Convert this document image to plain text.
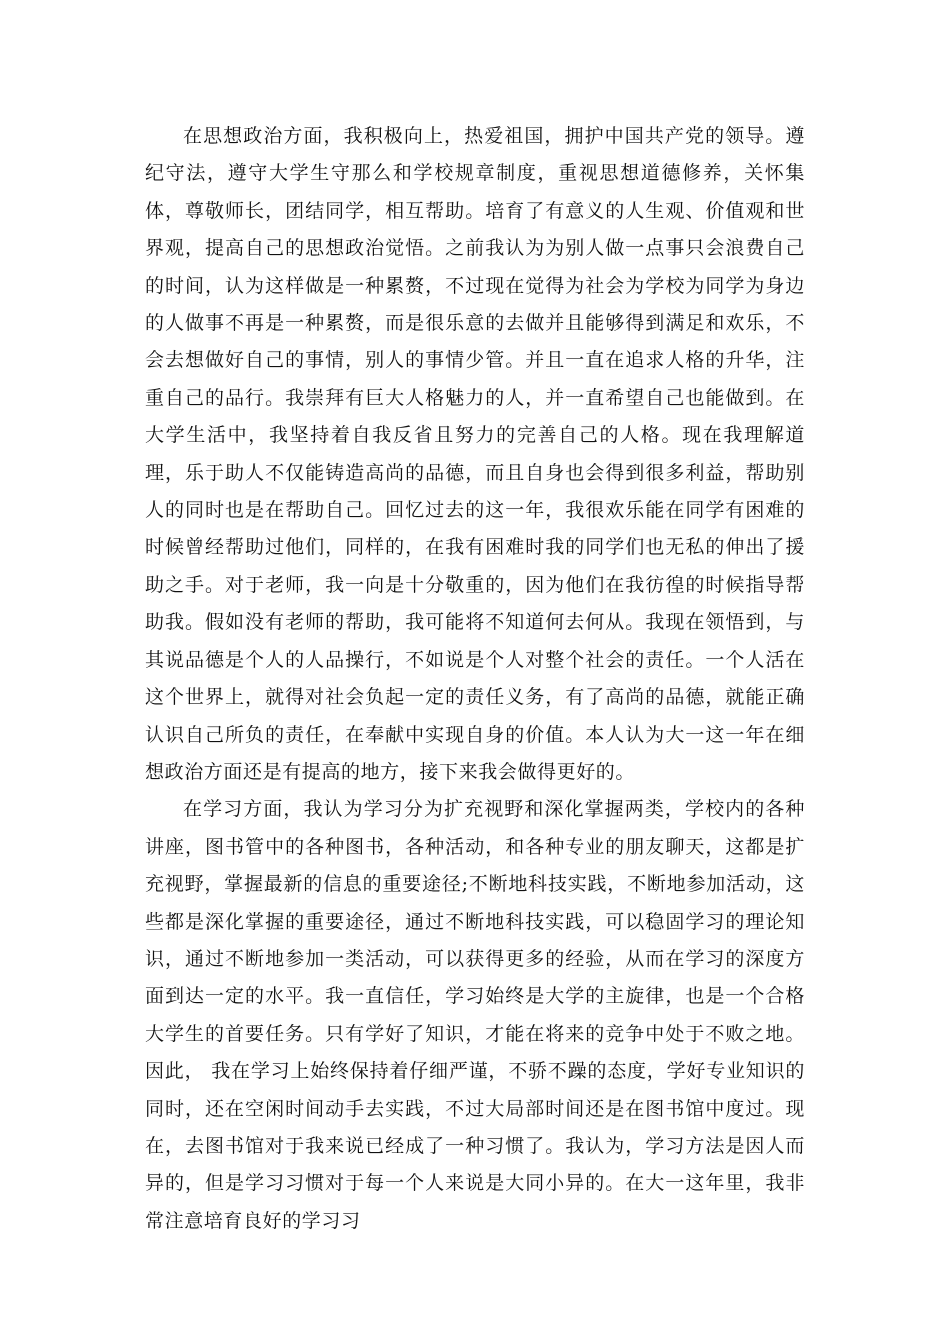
在思想政治方面，我积极向上，热爱祖国，拥护中国共产党的领导。遵纪守法，遵守大学生守那么和学校规章制度，重视思想道德修养，关怀集体，尊敬师长，团结同学，相互帮助。培育了有意义的人生观、价值观和世界观，提高自己的思想政治觉悟。之前我认为为别人做一点事只会浪费自己的时间，认为这样做是一种累赘，不过现在觉得为社会为学校为同学为身边的人做事不再是一种累赘，而是很乐意的去做并且能够得到满足和欢乐，不会去想做好自己的事情，别人的事情少管。并且一直在追求人格的升华，注重自己的品行。我崇拜有巨大人格魅力的人，并一直希望自己也能做到。在大学生活中，我坚持着自我反省且努力的完善自己的人格。现在我理解道理，乐于助人不仅能铸造高尚的品德，而且自身也会得到很多利益，帮助别人的同时也是在帮助自己。回忆过去的这一年，我很欢乐能在同学有困难的时候曾经帮助过他们，同样的，在我有困难时我的同学们也无私的伸出了援助之手。对于老师，我一向是十分敬重的，因为他们在我彷徨的时候指导帮助我。假如没有老师的帮助，我可能将不知道何去何从。我现在领悟到，与其说品德是个人的人品操行，不如说是个人对整个社会的责任。一个人活在这个世界上，就得对社会负起一定的责任义务，有了高尚的品德，就能正确认识自己所负的责任，在奉献中实现自身的价值。本人认为大一这一年在细想政治方面还是有提高的地方，接下来我会做得更好的。

在学习方面，我认为学习分为扩充视野和深化掌握两类，学校内的各种讲座，图书管中的各种图书，各种活动，和各种专业的朋友聊天，这都是扩充视野，掌握最新的信息的重要途径;不断地科技实践，不断地参加活动，这些都是深化掌握的重要途径，通过不断地科技实践，可以稳固学习的理论知识，通过不断地参加一类活动，可以获得更多的经验，从而在学习的深度方面到达一定的水平。我一直信任，学习始终是大学的主旋律，也是一个合格大学生的首要任务。只有学好了知识，才能在将来的竞争中处于不败之地。因此， 我在学习上始终保持着仔细严谨，不骄不躁的态度，学好专业知识的同时，还在空闲时间动手去实践，不过大局部时间还是在图书馆中度过。现在，去图书馆对于我来说已经成了一种习惯了。我认为，学习方法是因人而异的，但是学习习惯对于每一个人来说是大同小异的。在大一这年里，我非常注意培育良好的学习习
